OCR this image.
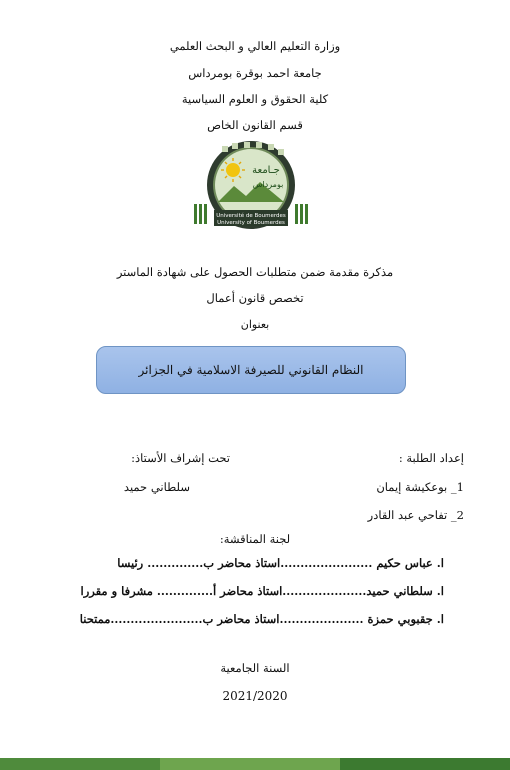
وزارة التعليم العالي و البحث العلمي
جامعة احمد بوقرة بومرداس
كلية الحقوق و العلوم السياسية
قسم القانون الخاص
جـامعة
بومرداس
Université de Boumerdes
University of Boumerdes
مذكرة مقدمة ضمن متطلبات الحصول على شهادة الماستر
تخصص قانون أعمال
بعنوان
النظام القانوني للصيرفة الاسلامية في الجزائر
إعداد الطلبة :
1_ بوعكيشة إيمان
2_ تفاحي عبد القادر
تحت إشراف الأستاذ:
سلطاني حميد
لجنة المناقشة:
ا. عباس حكيم .......................استاذ محاضر ب.............. رئيسا
ا. سلطاني حميد.....................استاذ محاضر أ.............. مشرفا و مقررا
ا. جقبوبي حمزة .....................استاذ محاضر ب.......................ممتحنا
السنة الجامعية
2021/2020
